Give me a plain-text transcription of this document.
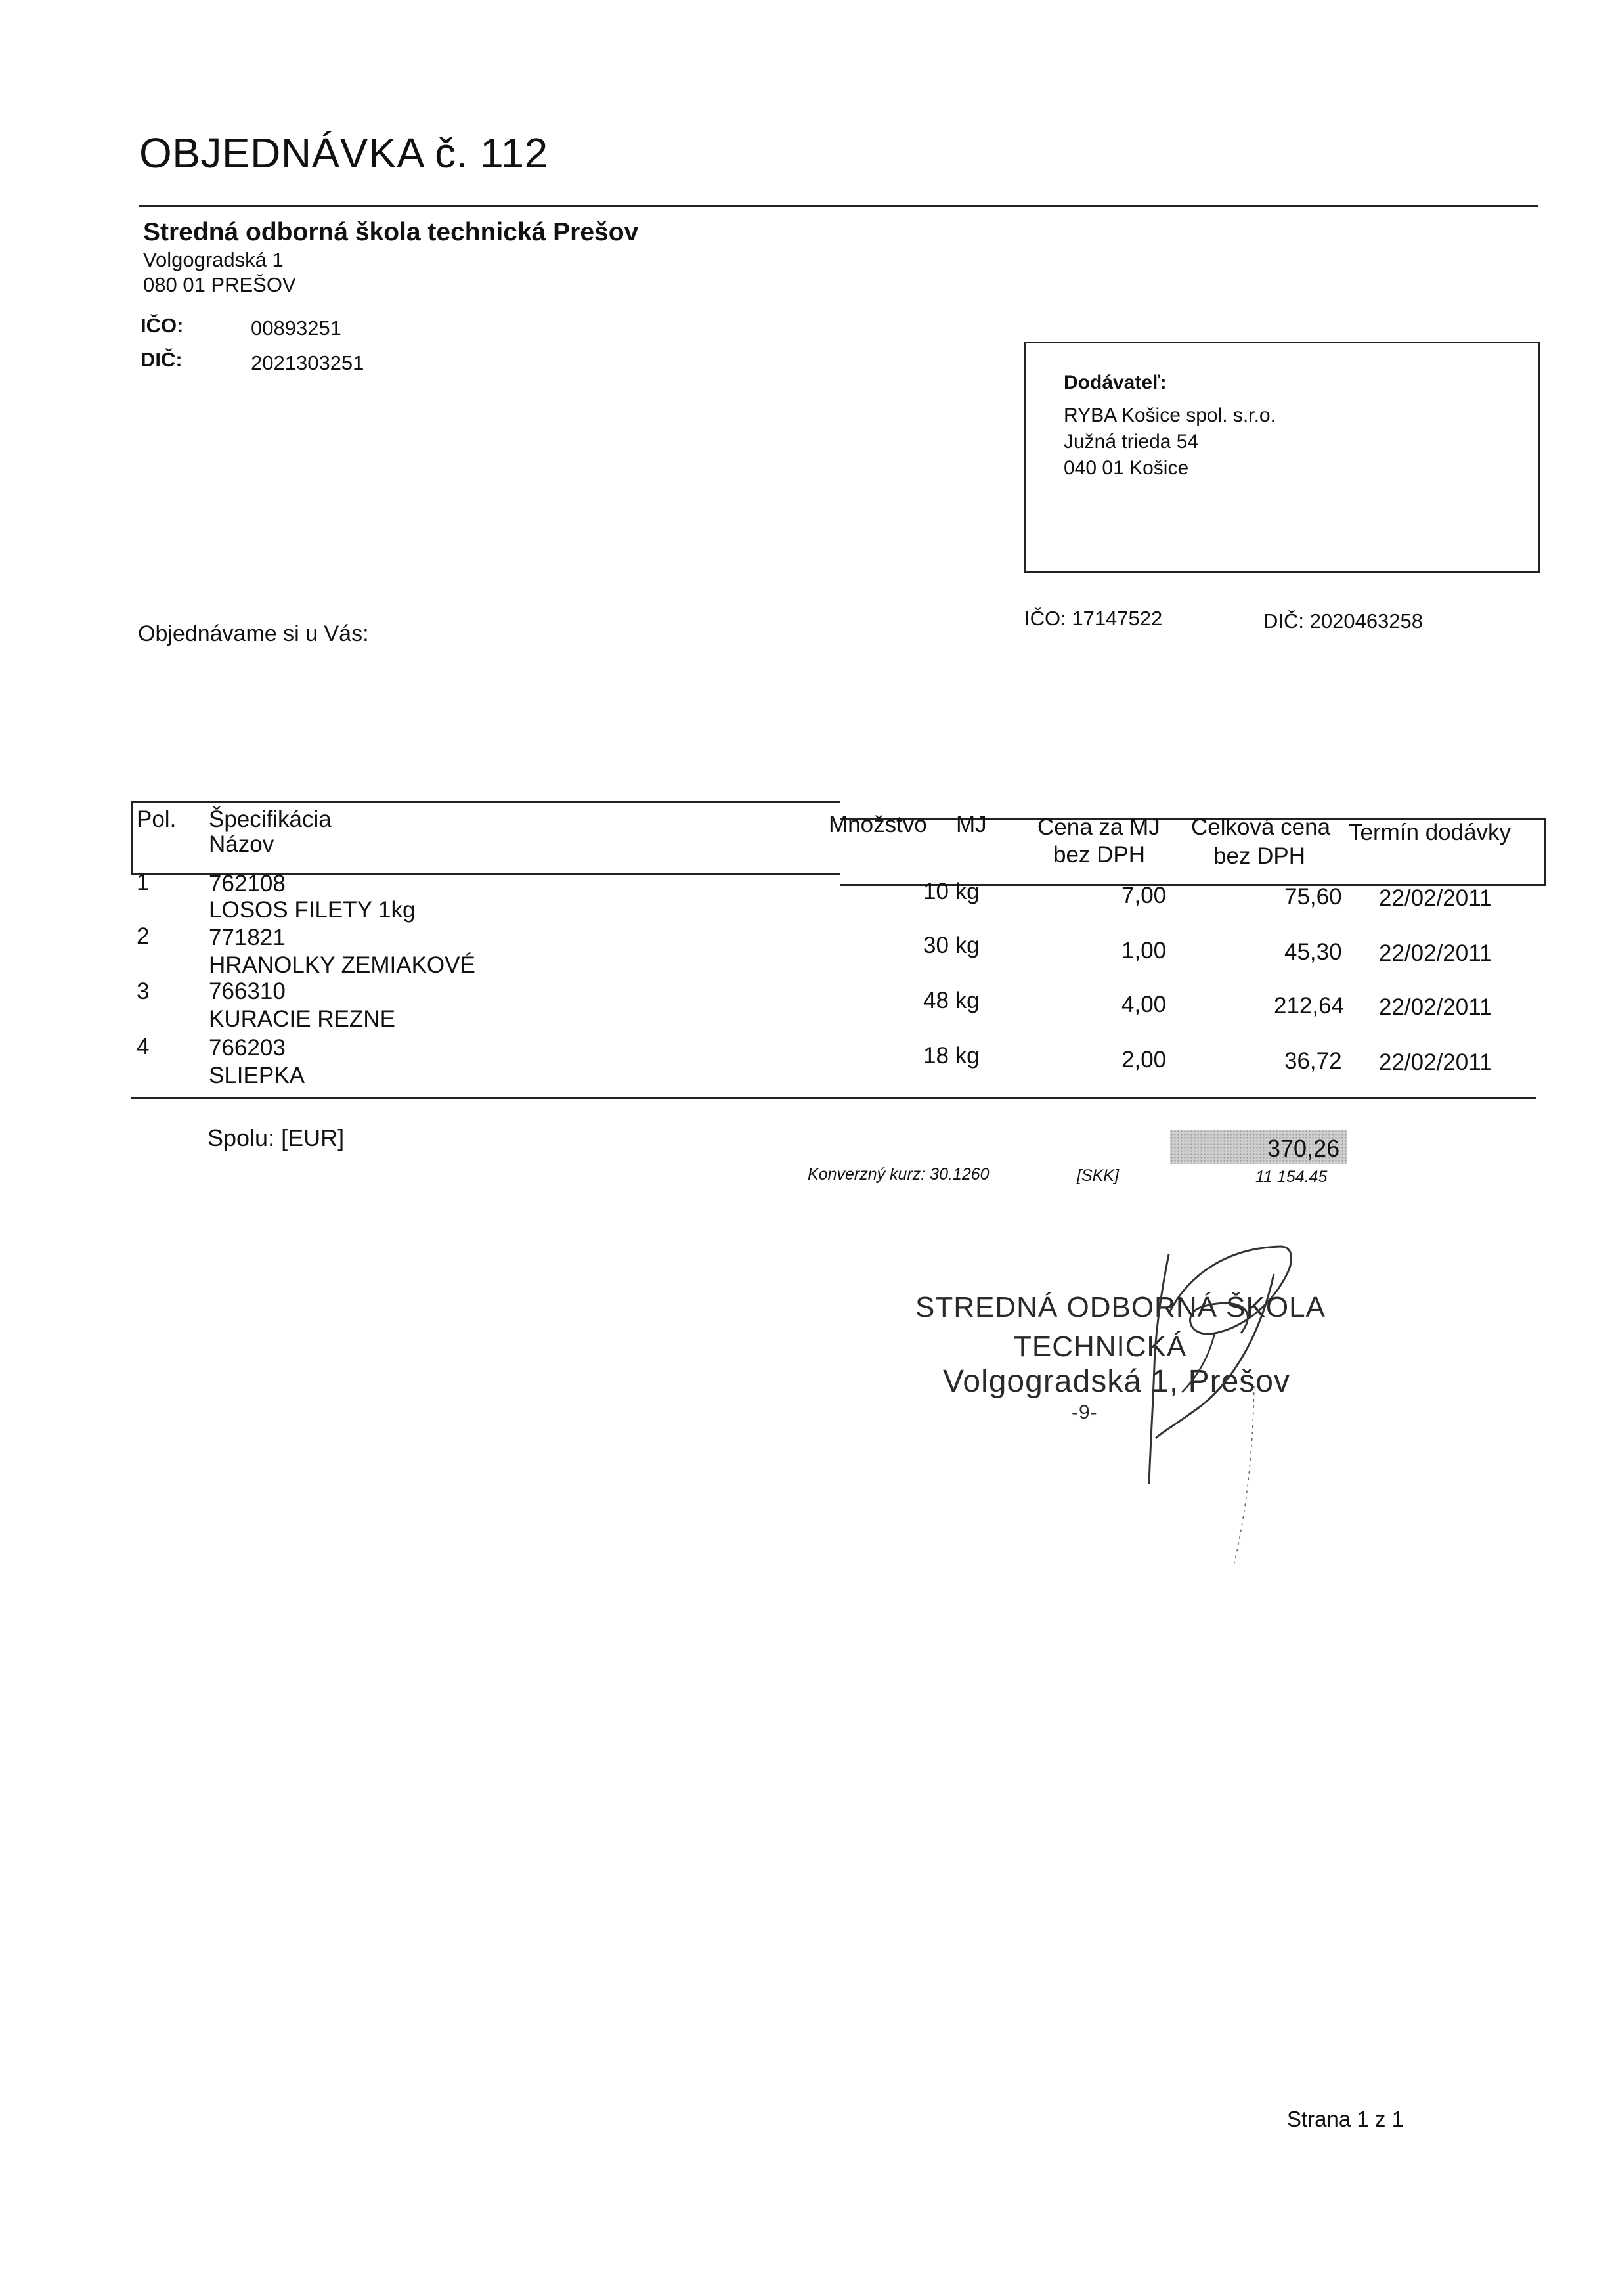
OBJEDNÁVKA č. 112
Stredná odborná škola technická Prešov
Volgogradská 1
080 01 PREŠOV
IČO:	00893251
DIČ:	2021303251
Dodávateľ:
RYBA Košice spol. s.r.o.
Južná trieda 54
040 01 Košice
IČO: 17147522	DIČ: 2020463258
Objednávame si u Vás:
Pol. Špecifikácia
Názov
Množstvo MJ Cena za MJ
bez DPH
Celková cena
bez DPH
Termín dodávky
1	762108
LOSOS FILETY 1kg
10 kg	7,00	75,60 22/02/2011
2	771821
HRANOLKY ZEMIAKOVÉ
30 kg	1,00	45,30 22/02/2011
3	766310
KURACIE REZNE
48 kg	4,00	212,64 22/02/2011
4	766203
SLIEPKA
18 kg	2,00	36,72 22/02/2011
Spolu: [EUR]	370,26
Konverzný kurz: 30.1260	[SKK]	11 154.45
STREDNÁ ODBORNÁ ŠKOLA
TECHNICKÁ
Volgogradská 1, Prešov
-9-
Strana 1 z 1
